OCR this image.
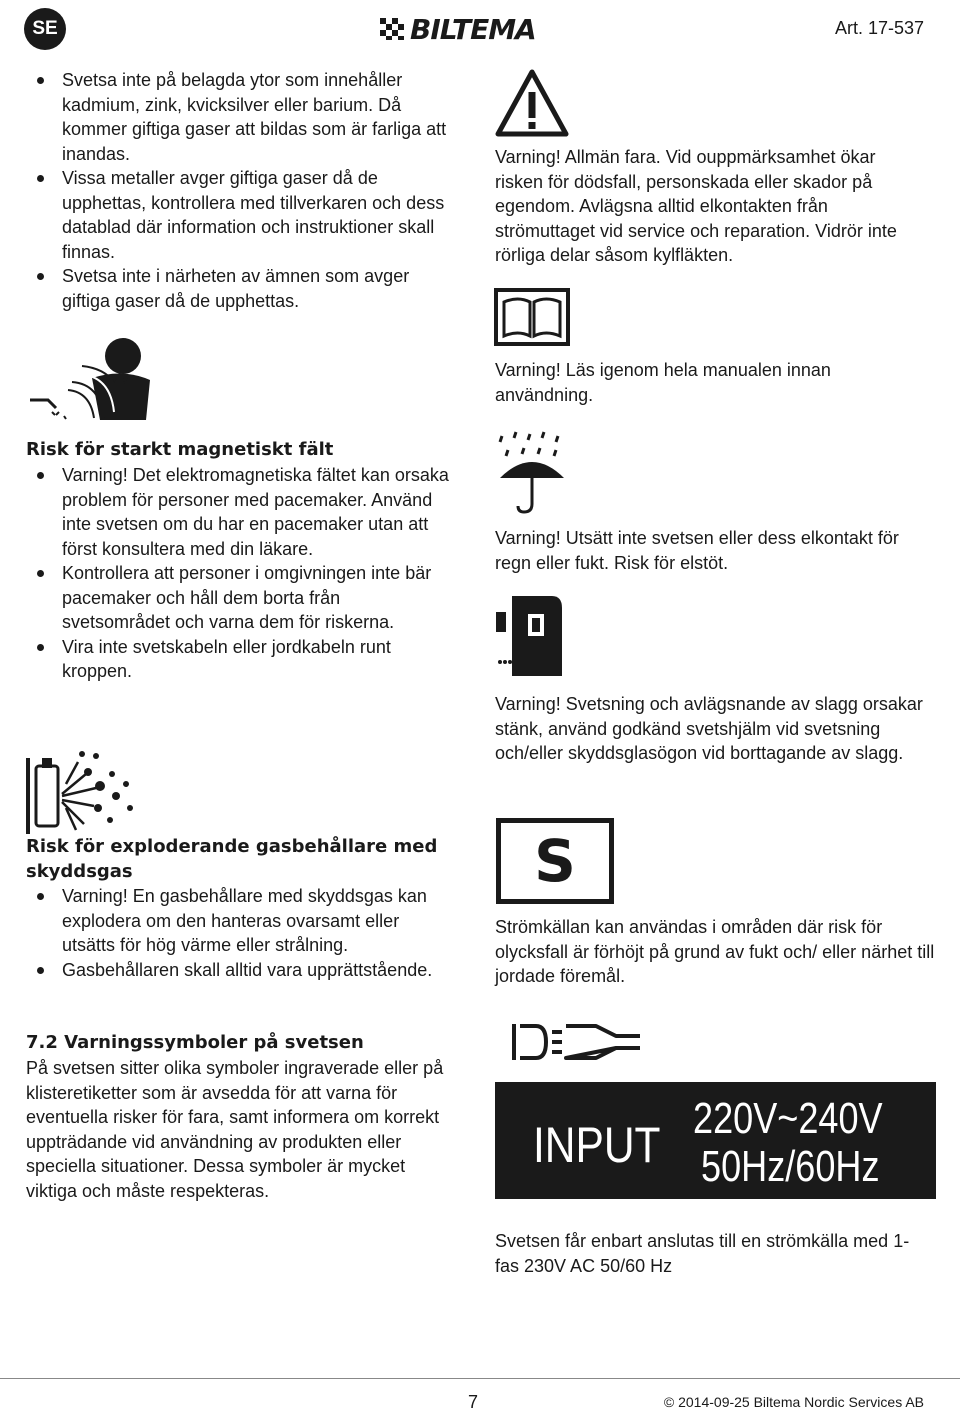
SE	BILTEMA	Art. 17-537
Svetsa inte på belagda ytor som innehåller kadmium, zink, kvicksilver eller barium. Då kommer giftiga gaser att bildas som är farliga att inandas.
Vissa metaller avger giftiga gaser då de upphettas, kontrollera med tillverkaren och dess datablad där information och instruktioner skall finnas.
Svetsa inte i närheten av ämnen som avger giftiga gaser då de upphettas.
M V
Risk för starkt magnetiskt fält
Varning! Det elektromagnetiska fältet kan orsaka problem för personer med pacemaker. Använd inte svetsen om du har en pacemaker utan att först konsultera med din läkare.
Kontrollera att personer i omgivningen inte bär pacemaker och håll dem borta från svetsområdet och varna dem för riskerna.
Vira inte svetskabeln eller jordkabeln runt kroppen.
Risk för exploderande gasbehållare med skyddsgas
Varning! En gasbehållare med skyddsgas kan explodera om den hanteras ovarsamt eller utsätts för hög värme eller strålning.
Gasbehållaren skall alltid vara upprättstående.
7.2 Varningssymboler på svetsen
På svetsen sitter olika symboler ingraverade eller på klisteretiketter som är avsedda för att varna för eventuella risker för fara, samt informera om korrekt uppträdande vid användning av produkten eller speciella situationer. Dessa symboler är mycket viktiga och måste respekteras.
Varning! Allmän fara. Vid ouppmärksamhet ökar risken för dödsfall, personskada eller skador på egendom. Avlägsna alltid elkontakten från strömuttaget vid service och reparation. Vidrör inte rörliga delar såsom kylfläkten.
Varning! Läs igenom hela manualen innan användning.
Varning! Utsätt inte svetsen eller dess elkontakt för regn eller fukt. Risk för elstöt.
Varning! Svetsning och avlägsnande av slagg orsakar stänk, använd godkänd svetshjälm vid svetsning och/eller skyddsglasögon vid borttagande av slagg.
S
Strömkällan kan användas i områden där risk för olycksfall är förhöjt på grund av fukt och/ eller närhet till jordade föremål.
INPUT 220V~240V
50Hz/60Hz
Svetsen får enbart anslutas till en strömkälla med 1-fas 230V AC 50/60 Hz
7	© 2014-09-25 Biltema Nordic Services AB
